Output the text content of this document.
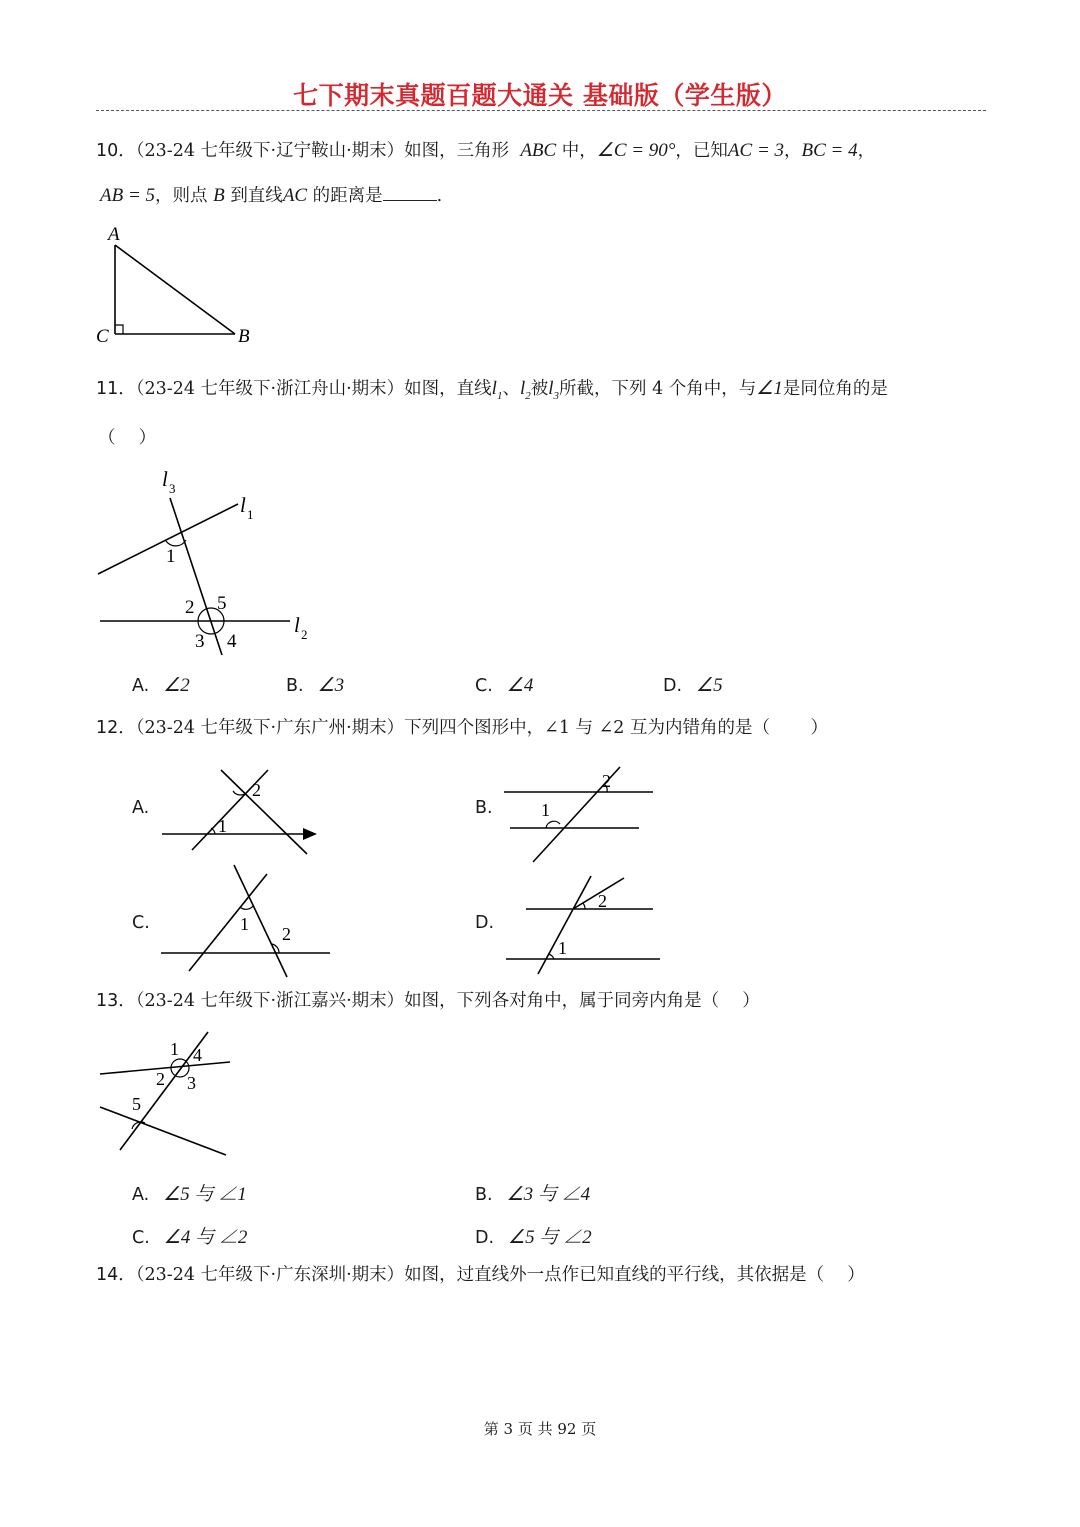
七下期末真题百题大通关 基础版（学生版）
10．（23-24 七年级下·辽宁鞍山·期末）如图，三角形 ABC 中，∠C = 90°，已知AC = 3，BC = 4，
AB = 5，则点 B 到直线AC 的距离是	.
A
B
C
11．（23-24 七年级下·浙江舟山·期末）如图，直线$l_1$、$l_2$被$l_3$所截，下列 4 个角中，与∠1是同位角的是
（　 ）
l 3
l 1
l 2
1
2 5
3 4
A. ∠2	B. ∠3	C. ∠4	D. ∠5
12．（23-24 七年级下·广东广州·期末）下列四个图形中，∠1 与 ∠2 互为内错角的是（　　 ）
A.
1
2
B.	1
2
C.	1 2
D.
2
1
13．（23-24 七年级下·浙江嘉兴·期末）如图，下列各对角中，属于同旁内角是（　 ）
1 4
2 3
5
A. ∠5 与 ∠1	B. ∠3 与 ∠4
C. ∠4 与 ∠2	D. ∠5 与 ∠2
14．（23-24 七年级下·广东深圳·期末）如图，过直线外一点作已知直线的平行线，其依据是（　 ）
第 3 页 共 92 页
